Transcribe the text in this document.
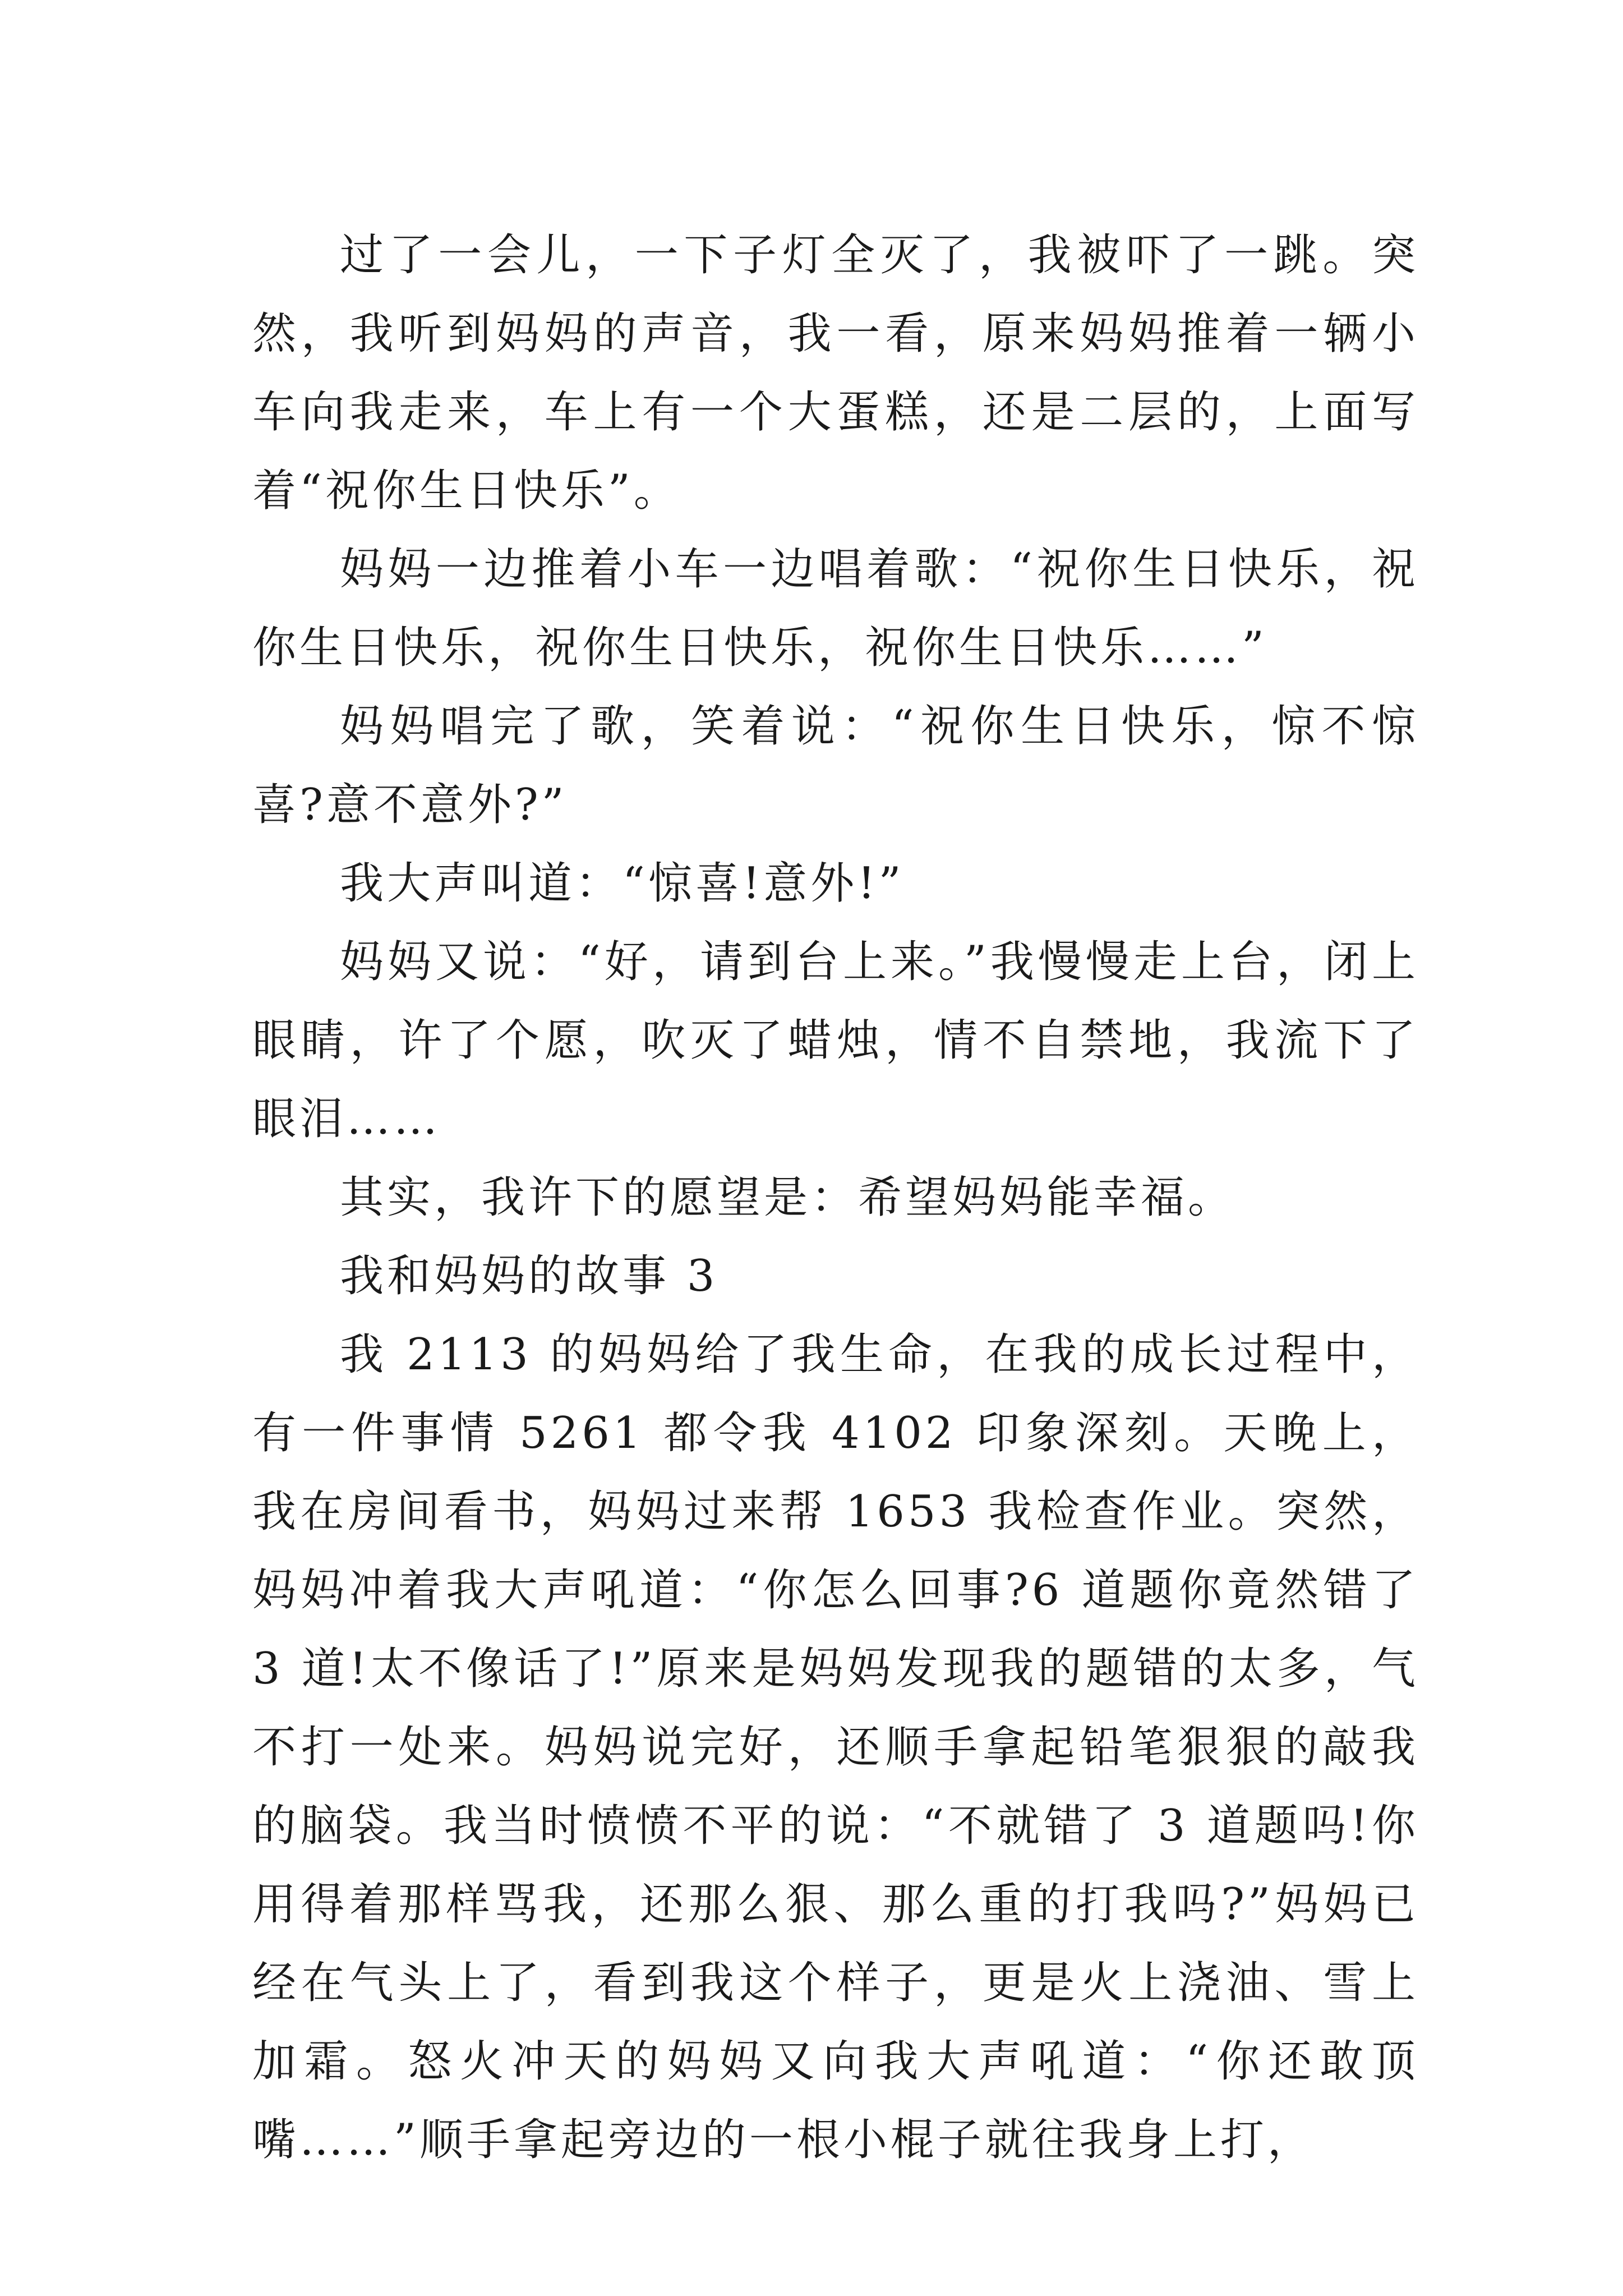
过了一会儿，一下子灯全灭了，我被吓了一跳。突然，我听到妈妈的声音，我一看，原来妈妈推着一辆小车向我走来，车上有一个大蛋糕，还是二层的，上面写着“祝你生日快乐”。

妈妈一边推着小车一边唱着歌：“祝你生日快乐，祝你生日快乐，祝你生日快乐，祝你生日快乐……”

妈妈唱完了歌，笑着说：“祝你生日快乐，惊不惊喜?意不意外?”

我大声叫道：“惊喜!意外!”

妈妈又说：“好，请到台上来。”我慢慢走上台，闭上眼睛，许了个愿，吹灭了蜡烛，情不自禁地，我流下了眼泪……

其实，我许下的愿望是：希望妈妈能幸福。

我和妈妈的故事 3

我 2113 的妈妈给了我生命，在我的成长过程中，有一件事情 5261 都令我 4102 印象深刻。天晚上，我在房间看书，妈妈过来帮 1653 我检查作业。突然，妈妈冲着我大声吼道：“你怎么回事?6 道题你竟然错了 3 道!太不像话了!”原来是妈妈发现我的题错的太多，气不打一处来。妈妈说完好，还顺手拿起铅笔狠狠的敲我的脑袋。我当时愤愤不平的说：“不就错了 3 道题吗!你用得着那样骂我，还那么狠、那么重的打我吗?”妈妈已经在气头上了，看到我这个样子，更是火上浇油、雪上加霜。怒火冲天的妈妈又向我大声吼道：“你还敢顶嘴……”顺手拿起旁边的一根小棍子就往我身上打，
